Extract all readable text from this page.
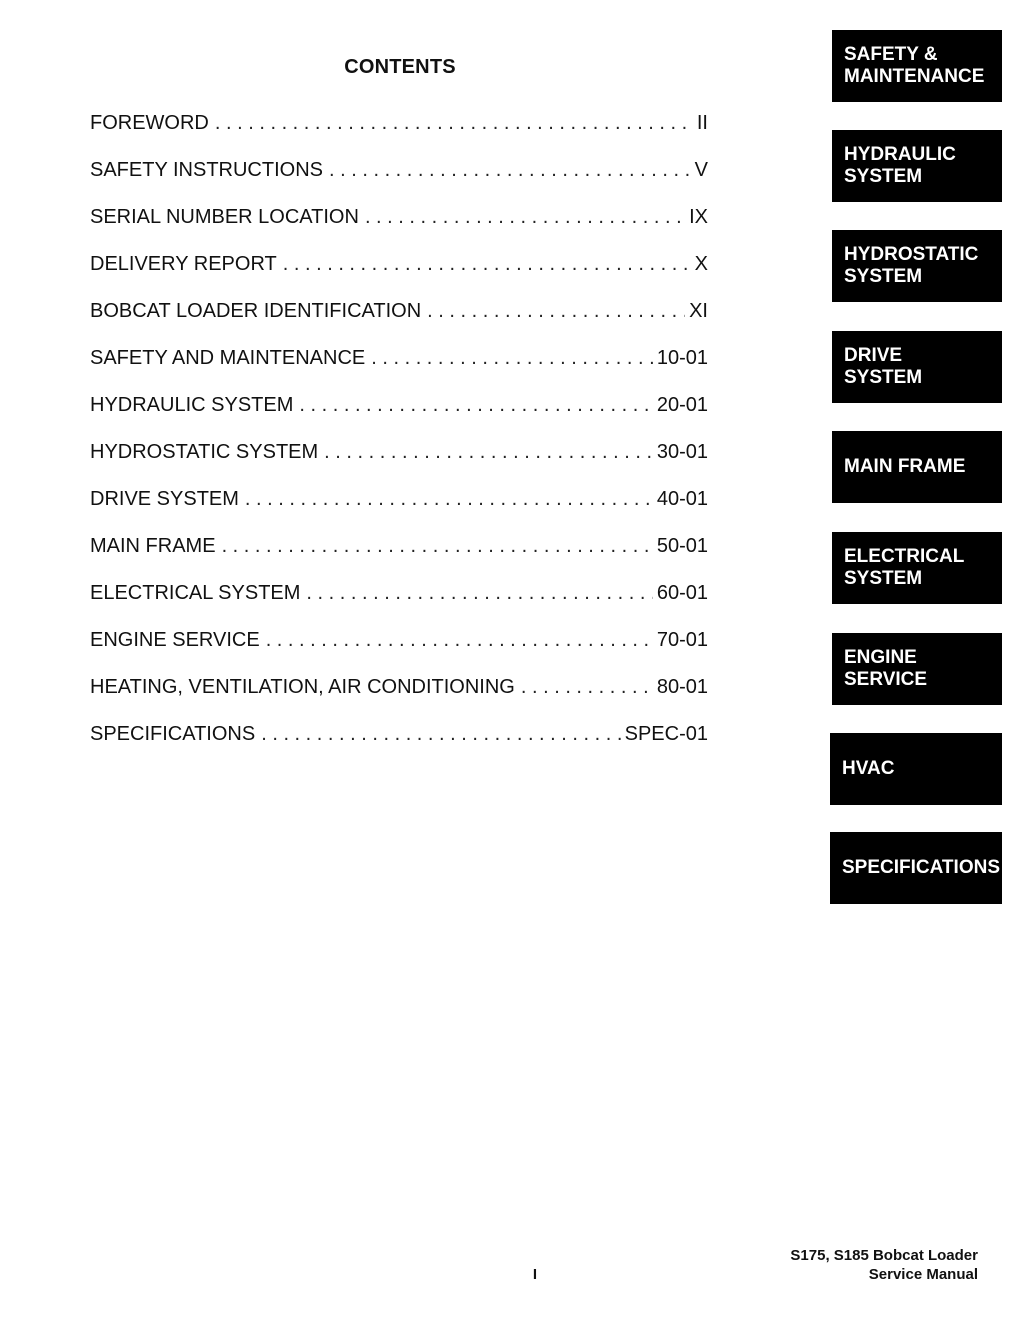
CONTENTS
FOREWORD . . .	II
SAFETY INSTRUCTIONS . . .	V
SERIAL NUMBER LOCATION . . .	IX
DELIVERY REPORT . . .	X
BOBCAT LOADER IDENTIFICATION . . .	XI
SAFETY AND MAINTENANCE . . .	10-01
HYDRAULIC SYSTEM . . .	20-01
HYDROSTATIC SYSTEM . . .	30-01
DRIVE SYSTEM . . .	40-01
MAIN FRAME . . .	50-01
ELECTRICAL SYSTEM . . .	60-01
ENGINE SERVICE . . .	70-01
HEATING, VENTILATION, AIR CONDITIONING . . .	80-01
SPECIFICATIONS . . .	SPEC-01
SAFETY &
MAINTENANCE
HYDRAULIC
SYSTEM
HYDROSTATIC
SYSTEM
DRIVE
SYSTEM
MAIN FRAME
ELECTRICAL
SYSTEM
ENGINE
SERVICE
HVAC
SPECIFICATIONS
I
S175, S185 Bobcat Loader
Service Manual
